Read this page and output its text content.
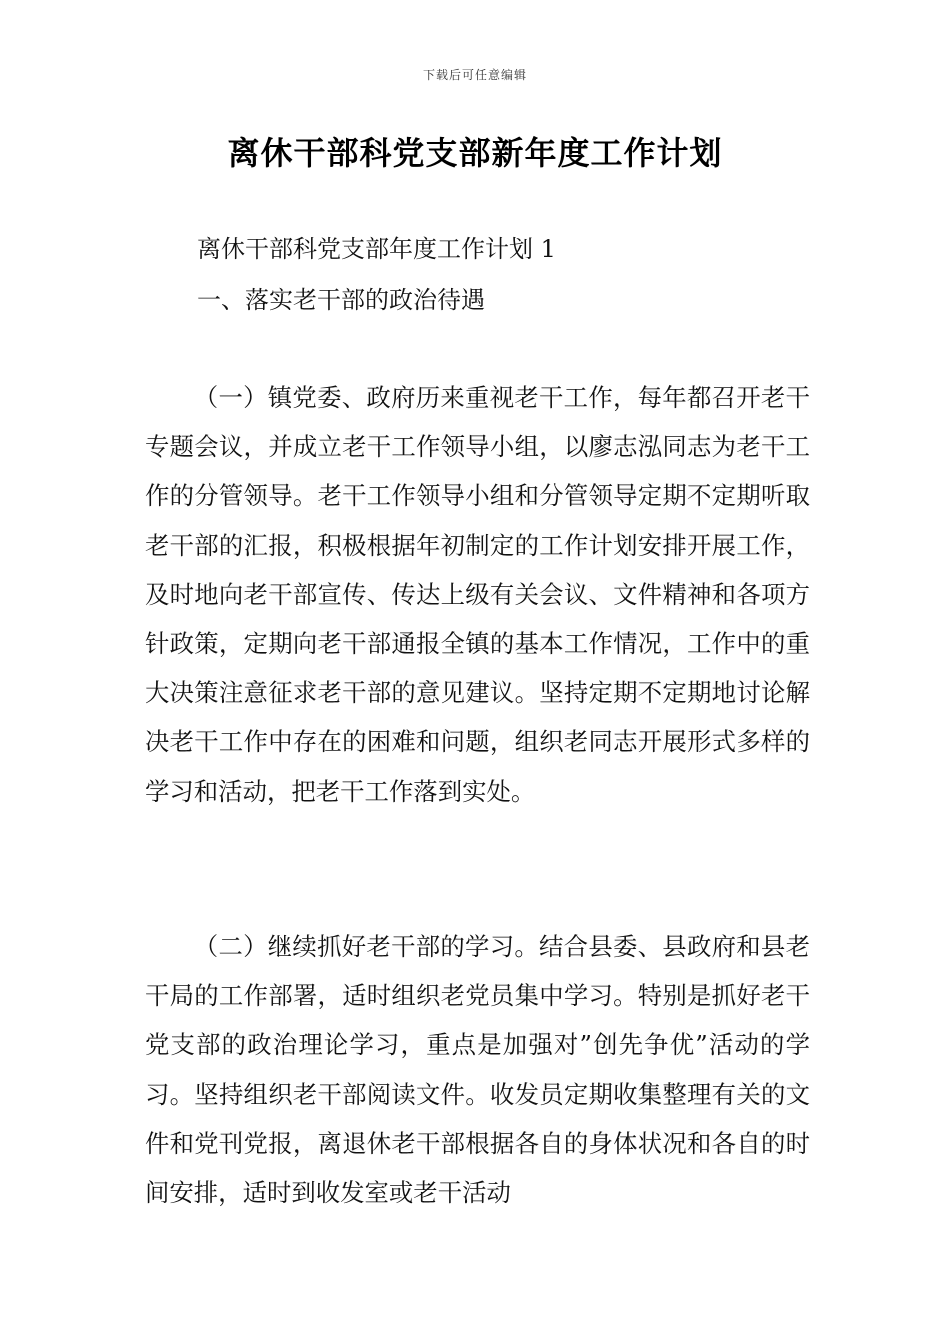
下载后可任意编辑
离休干部科党支部新年度工作计划
离休干部科党支部年度工作计划 1
一、落实老干部的政治待遇

（一）镇党委、政府历来重视老干工作，每年都召开老干专题会议，并成立老干工作领导小组，以廖志泓同志为老干工作的分管领导。老干工作领导小组和分管领导定期不定期听取老干部的汇报，积极根据年初制定的工作计划安排开展工作，及时地向老干部宣传、传达上级有关会议、文件精神和各项方针政策，定期向老干部通报全镇的基本工作情况，工作中的重大决策注意征求老干部的意见建议。坚持定期不定期地讨论解决老干工作中存在的困难和问题，组织老同志开展形式多样的学习和活动，把老干工作落到实处。

（二）继续抓好老干部的学习。结合县委、县政府和县老干局的工作部署，适时组织老党员集中学习。特别是抓好老干党支部的政治理论学习，重点是加强对”创先争优”活动的学习。坚持组织老干部阅读文件。收发员定期收集整理有关的文件和党刊党报，离退休老干部根据各自的身体状况和各自的时间安排，适时到收发室或老干活动
